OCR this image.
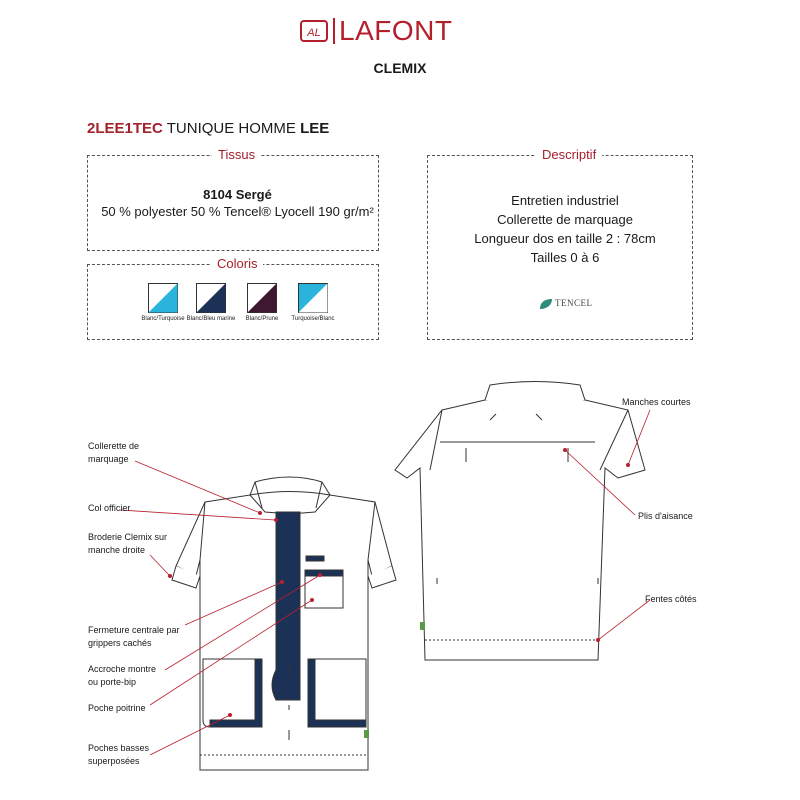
AL LAFONT
CLEMIX
2LEE1TEC TUNIQUE HOMME LEE
Tissus
8104 Sergé
50 % polyester 50 % Tencel® Lyocell 190 gr/m²
Coloris
Blanc/Turquoise Blanc/Bleu marine	Blanc/Prune	Turquoise/Blanc
Descriptif
Entretien industriel
Collerette de marquage
Longueur dos en taille 2 : 78cm
Tailles 0 à 6
TENCEL
Collerette de
marquage
Col officier
Broderie Clemix sur
manche droite
Fermeture centrale par
grippers cachés
Accroche montre
ou porte-bip
Poche poitrine
Poches basses
superposées
Manches courtes
Plis d'aisance
Fentes côtés
